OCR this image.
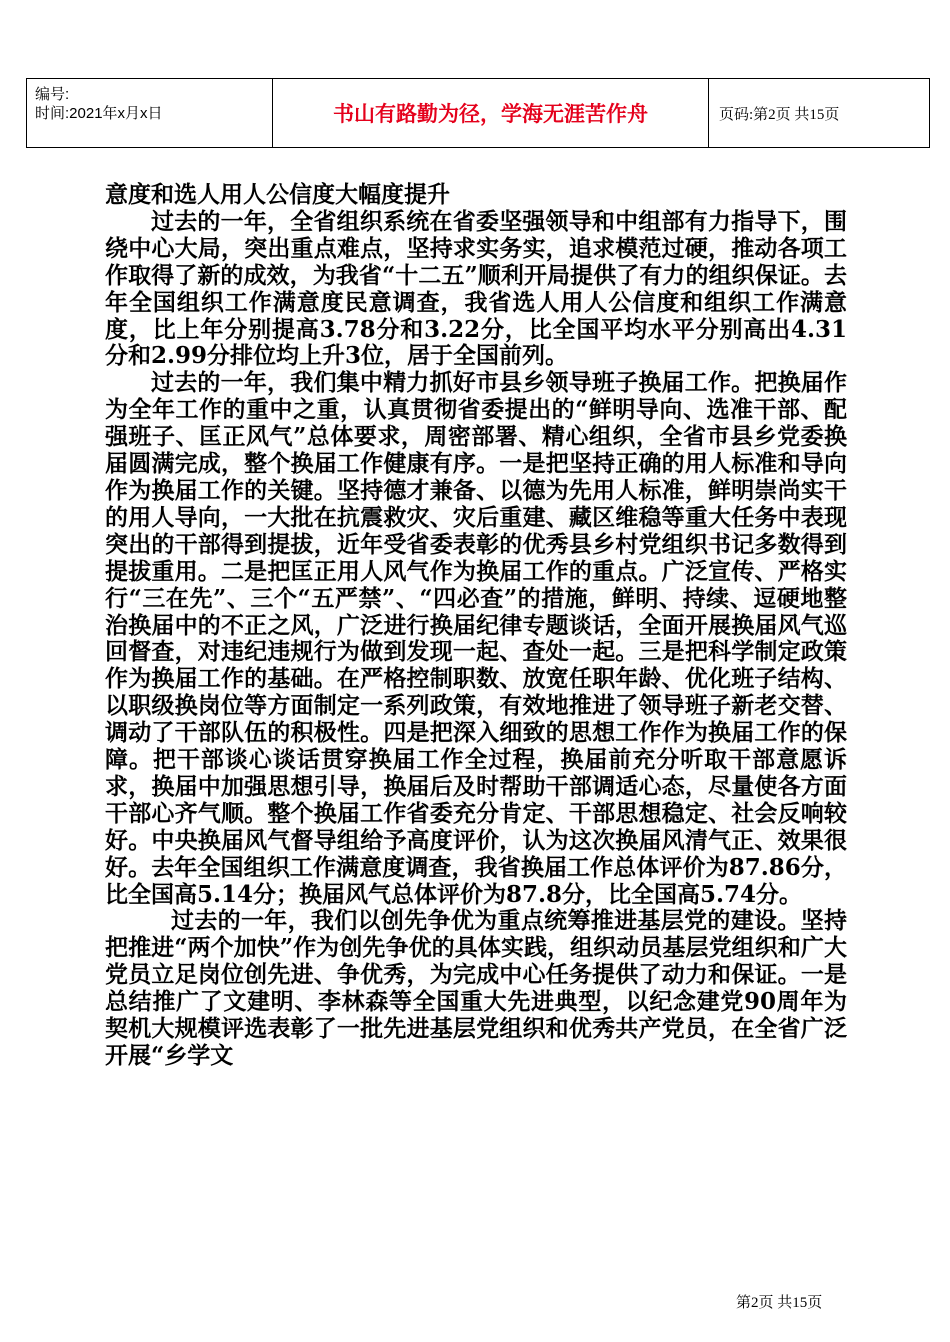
编号:
时间:2021年x月x日	书山有路勤为径，学海无涯苦作舟	页码:第2页 共15页

意度和选人用人公信度大幅度提升

过去的一年，全省组织系统在省委坚强领导和中组部有力指导下，围绕中心大局，突出重点难点，坚持求实务实，追求模范过硬，推动各项工作取得了新的成效，为我省“十二五”顺利开局提供了有力的组织保证。去年全国组织工作满意度民意调查，我省选人用人公信度和组织工作满意度，比上年分别提高3.78分和3.22分，比全国平均水平分别高出4.31分和2.99分排位均上升3位，居于全国前列。

过去的一年，我们集中精力抓好市县乡领导班子换届工作。把换届作为全年工作的重中之重，认真贯彻省委提出的“鲜明导向、选准干部、配强班子、匡正风气”总体要求，周密部署、精心组织，全省市县乡党委换届圆满完成，整个换届工作健康有序。一是把坚持正确的用人标准和导向作为换届工作的关键。坚持德才兼备、以德为先用人标准，鲜明崇尚实干的用人导向，一大批在抗震救灾、灾后重建、藏区维稳等重大任务中表现突出的干部得到提拔，近年受省委表彰的优秀县乡村党组织书记多数得到提拔重用。二是把匡正用人风气作为换届工作的重点。广泛宣传、严格实行“三在先”、三个“五严禁”、“四必查”的措施，鲜明、持续、逗硬地整治换届中的不正之风，广泛进行换届纪律专题谈话，全面开展换届风气巡回督查，对违纪违规行为做到发现一起、查处一起。三是把科学制定政策作为换届工作的基础。在严格控制职数、放宽任职年龄、优化班子结构、以职级换岗位等方面制定一系列政策，有效地推进了领导班子新老交替、调动了干部队伍的积极性。四是把深入细致的思想工作作为换届工作的保障。把干部谈心谈话贯穿换届工作全过程，换届前充分听取干部意愿诉求，换届中加强思想引导，换届后及时帮助干部调适心态，尽量使各方面干部心齐气顺。整个换届工作省委充分肯定、干部思想稳定、社会反响较好。中央换届风气督导组给予高度评价，认为这次换届风清气正、效果很好。去年全国组织工作满意度调查，我省换届工作总体评价为87.86分，比全国高5.14分；换届风气总体评价为87.8分，比全国高5.74分。

过去的一年，我们以创先争优为重点统筹推进基层党的建设。坚持把推进“两个加快”作为创先争优的具体实践，组织动员基层党组织和广大党员立足岗位创先进、争优秀，为完成中心任务提供了动力和保证。一是总结推广了文建明、李林森等全国重大先进典型，以纪念建党90周年为契机大规模评选表彰了一批先进基层党组织和优秀共产党员，在全省广泛开展“乡学文

第2页 共15页
